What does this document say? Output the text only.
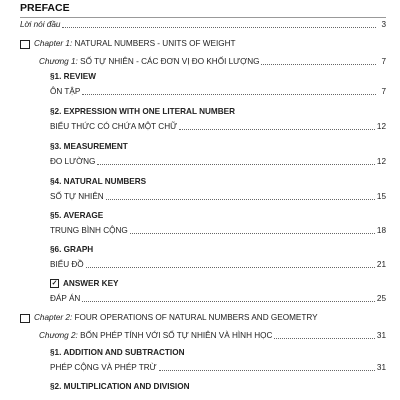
PREFACE
Lời nói đầu	3
Chapter 1:
NATURAL NUMBERS - UNITS OF WEIGHT
Chương 1: SỐ TỰ NHIÊN - CÁC ĐƠN VỊ ĐO KHỐI LƯỢNG	7
§1. REVIEW
ÔN TẬP	7
§2. EXPRESSION WITH ONE LITERAL NUMBER
BIỂU THỨC CÓ CHỨA MỘT CHỮ	12
§3. MEASUREMENT
ĐO LƯỜNG	12
§4. NATURAL NUMBERS
SỐ TỰ NHIÊN	15
§5. AVERAGE
TRUNG BÌNH CỘNG	18
§6. GRAPH
BIỂU ĐỒ	21
✓ ANSWER KEY
ĐÁP ÁN	25
Chapter 2:
FOUR OPERATIONS OF NATURAL NUMBERS AND GEOMETRY
Chương 2: BỐN PHÉP TÍNH VỚI SỐ TỰ NHIÊN VÀ HÌNH HỌC	31
§1. ADDITION AND SUBTRACTION
PHÉP CỘNG VÀ PHÉP TRỪ	31
§2. MULTIPLICATION AND DIVISION
